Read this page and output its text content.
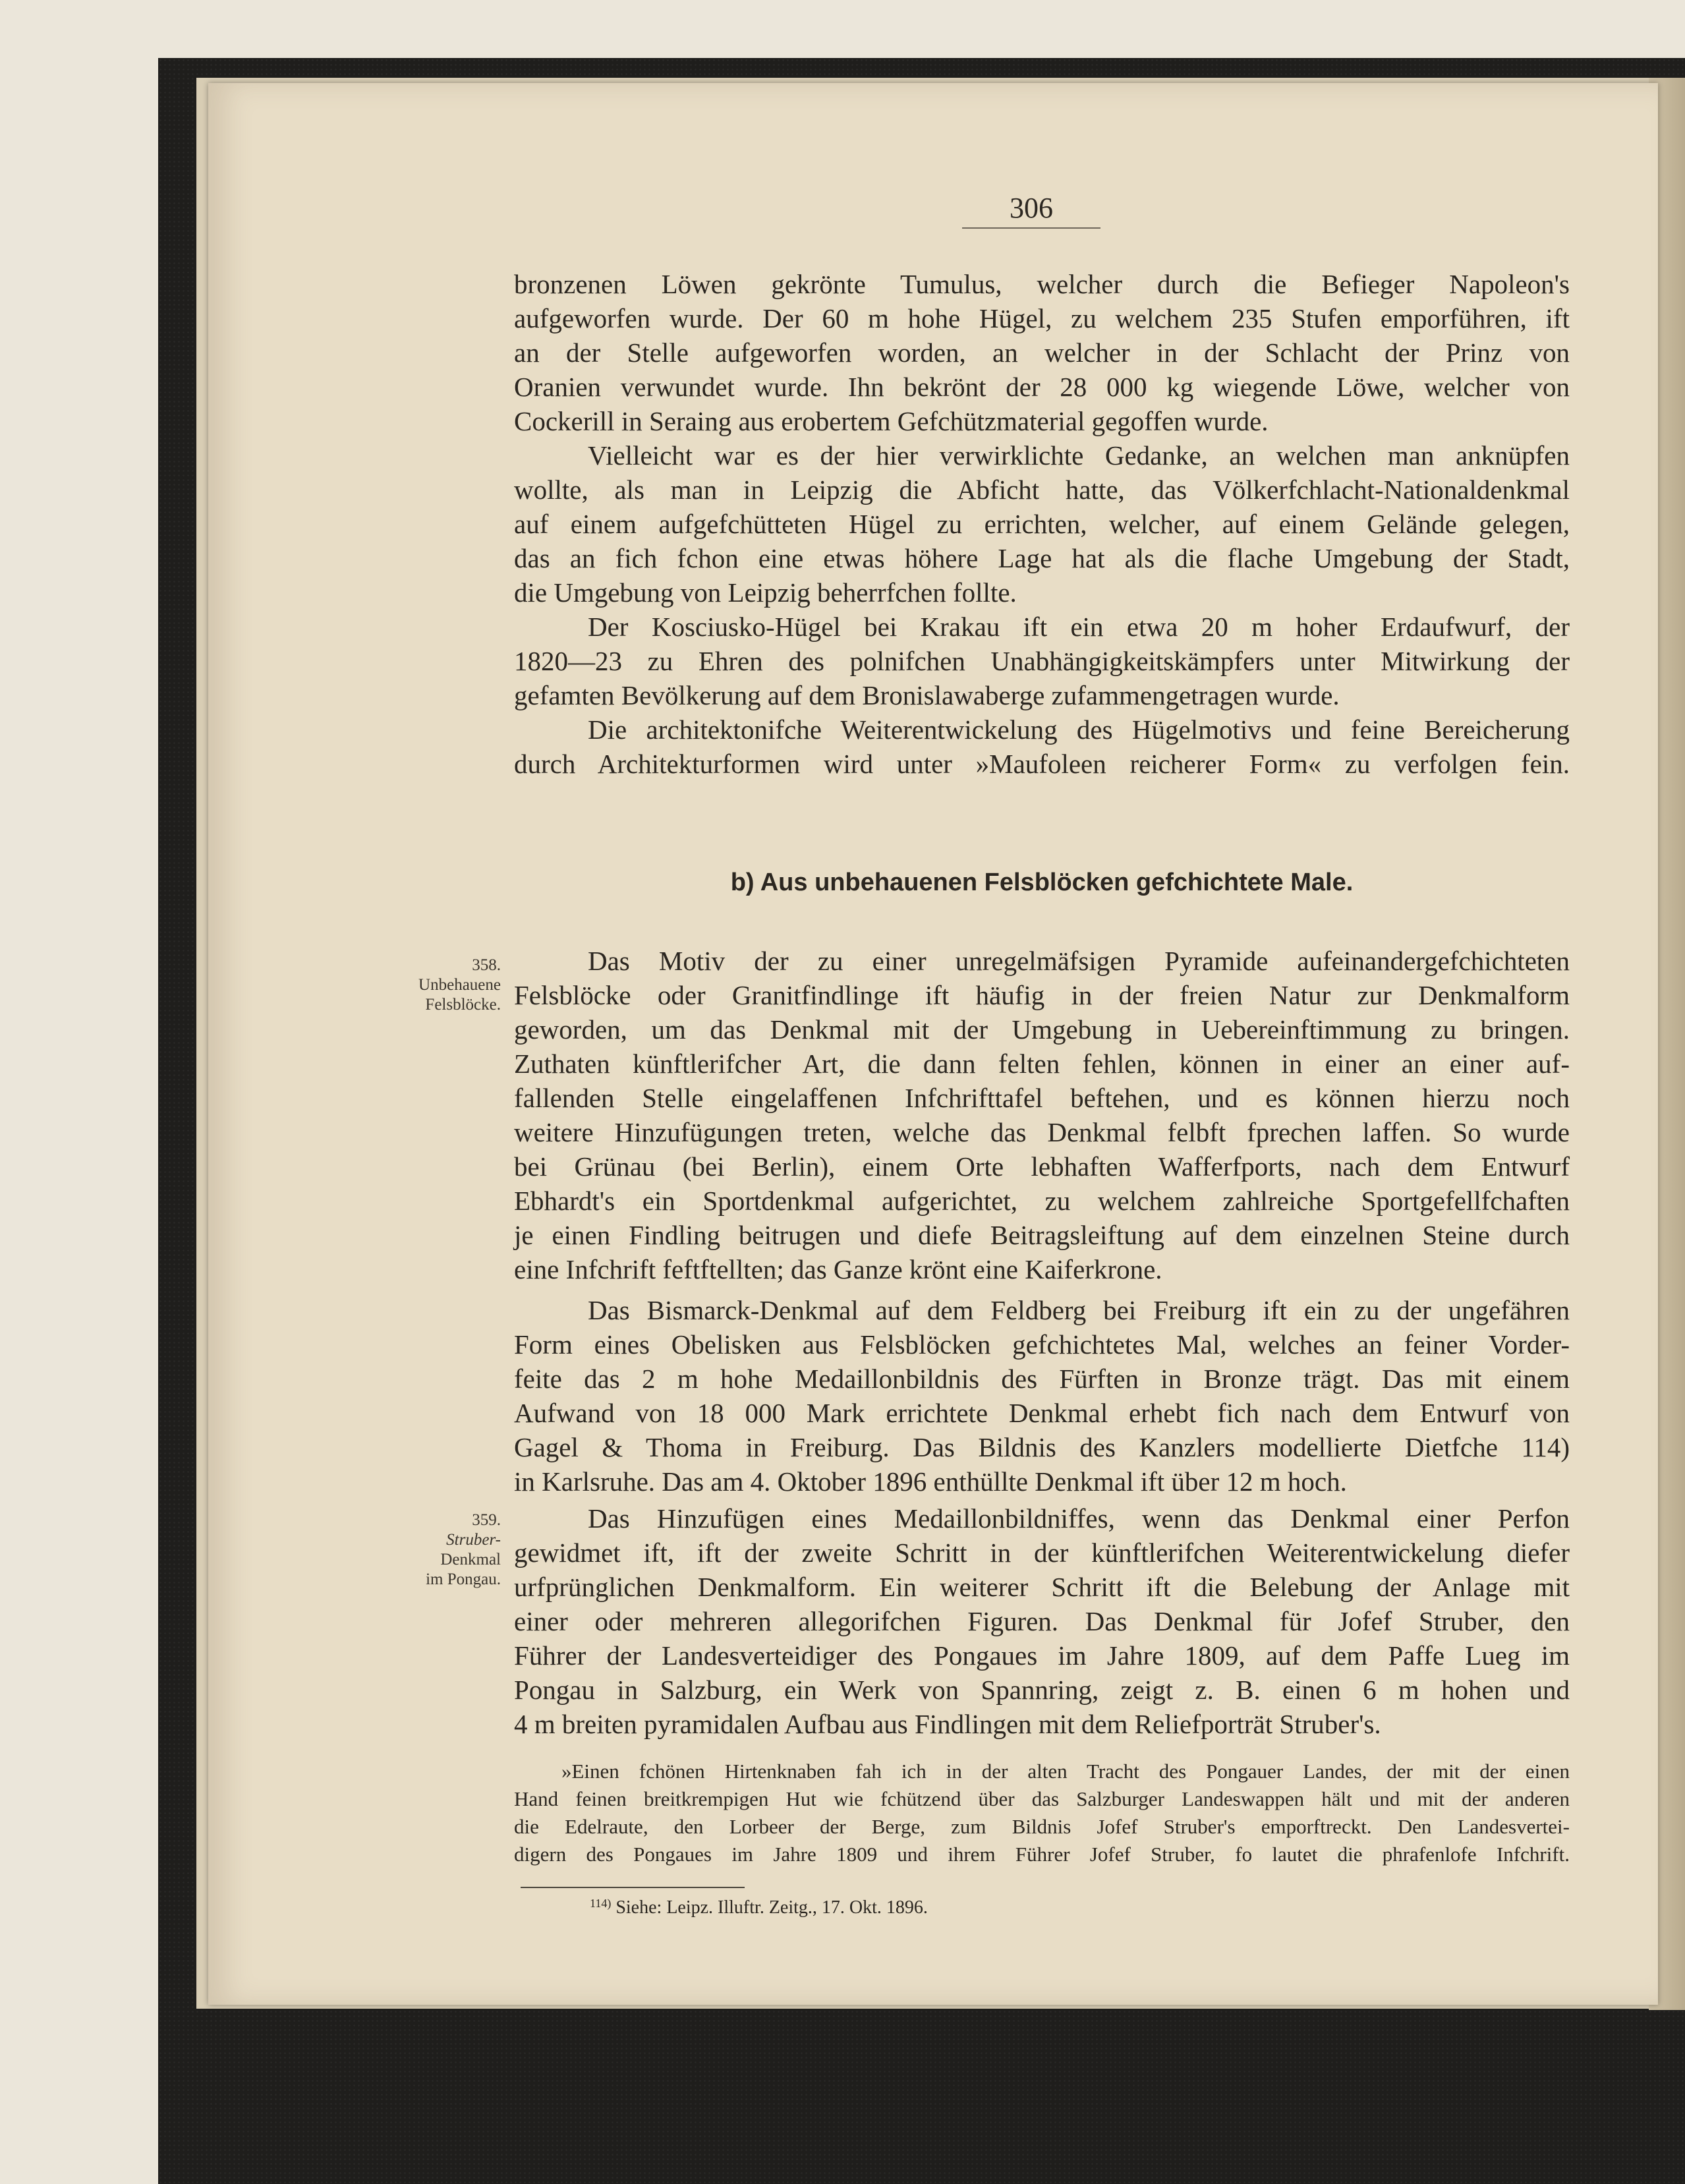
306
bronzenen Löwen gekrönte Tumulus, welcher durch die Befieger Napoleon's
aufgeworfen wurde. Der 60 m hohe Hügel, zu welchem 235 Stufen emporführen, ift
an der Stelle aufgeworfen worden, an welcher in der Schlacht der Prinz von
Oranien verwundet wurde. Ihn bekrönt der 28 000 kg wiegende Löwe, welcher von
Cockerill in Seraing aus erobertem Gefchützmaterial gegoffen wurde.
Vielleicht war es der hier verwirklichte Gedanke, an welchen man anknüpfen
wollte, als man in Leipzig die Abficht hatte, das Völkerfchlacht-Nationaldenkmal
auf einem aufgefchütteten Hügel zu errichten, welcher, auf einem Gelände gelegen,
das an fich fchon eine etwas höhere Lage hat als die flache Umgebung der Stadt,
die Umgebung von Leipzig beherrfchen follte.
Der Kosciusko-Hügel bei Krakau ift ein etwa 20 m hoher Erdaufwurf, der
1820—23 zu Ehren des polnifchen Unabhängigkeitskämpfers unter Mitwirkung der
gefamten Bevölkerung auf dem Bronislawaberge zufammengetragen wurde.
Die architektonifche Weiterentwickelung des Hügelmotivs und feine Bereicherung
durch Architekturformen wird unter »Maufoleen reicherer Form« zu verfolgen fein.
b) Aus unbehauenen Felsblöcken gefchichtete Male.
358.
Unbehauene
Felsblöcke.
Das Motiv der zu einer unregelmäfsigen Pyramide aufeinandergefchichteten
Felsblöcke oder Granitfindlinge ift häufig in der freien Natur zur Denkmalform
geworden, um das Denkmal mit der Umgebung in Uebereinftimmung zu bringen.
Zuthaten künftlerifcher Art, die dann felten fehlen, können in einer an einer auf-
fallenden Stelle eingelaffenen Infchrifttafel beftehen, und es können hierzu noch
weitere Hinzufügungen treten, welche das Denkmal felbft fprechen laffen. So wurde
bei Grünau (bei Berlin), einem Orte lebhaften Wafferfports, nach dem Entwurf
Ebhardt's ein Sportdenkmal aufgerichtet, zu welchem zahlreiche Sportgefellfchaften
je einen Findling beitrugen und diefe Beitragsleiftung auf dem einzelnen Steine durch
eine Infchrift feftftellten; das Ganze krönt eine Kaiferkrone.
Das Bismarck-Denkmal auf dem Feldberg bei Freiburg ift ein zu der ungefähren
Form eines Obelisken aus Felsblöcken gefchichtetes Mal, welches an feiner Vorder-
feite das 2 m hohe Medaillonbildnis des Fürften in Bronze trägt. Das mit einem
Aufwand von 18 000 Mark errichtete Denkmal erhebt fich nach dem Entwurf von
Gagel & Thoma in Freiburg. Das Bildnis des Kanzlers modellierte Dietfche 114)
in Karlsruhe. Das am 4. Oktober 1896 enthüllte Denkmal ift über 12 m hoch.
359.
Struber-
Denkmal
im Pongau.
Das Hinzufügen eines Medaillonbildniffes, wenn das Denkmal einer Perfon
gewidmet ift, ift der zweite Schritt in der künftlerifchen Weiterentwickelung diefer
urfprünglichen Denkmalform. Ein weiterer Schritt ift die Belebung der Anlage mit
einer oder mehreren allegorifchen Figuren. Das Denkmal für Jofef Struber, den
Führer der Landesverteidiger des Pongaues im Jahre 1809, auf dem Paffe Lueg im
Pongau in Salzburg, ein Werk von Spannring, zeigt z. B. einen 6 m hohen und
4 m breiten pyramidalen Aufbau aus Findlingen mit dem Reliefporträt Struber's.
»Einen fchönen Hirtenknaben fah ich in der alten Tracht des Pongauer Landes, der mit der einen
Hand feinen breitkrempigen Hut wie fchützend über das Salzburger Landeswappen hält und mit der anderen
die Edelraute, den Lorbeer der Berge, zum Bildnis Jofef Struber's emporftreckt. Den Landesvertei-
digern des Pongaues im Jahre 1809 und ihrem Führer Jofef Struber, fo lautet die phrafenlofe Infchrift.
$^{114)}$ Siehe: Leipz. Illuftr. Zeitg., 17. Okt. 1896.
